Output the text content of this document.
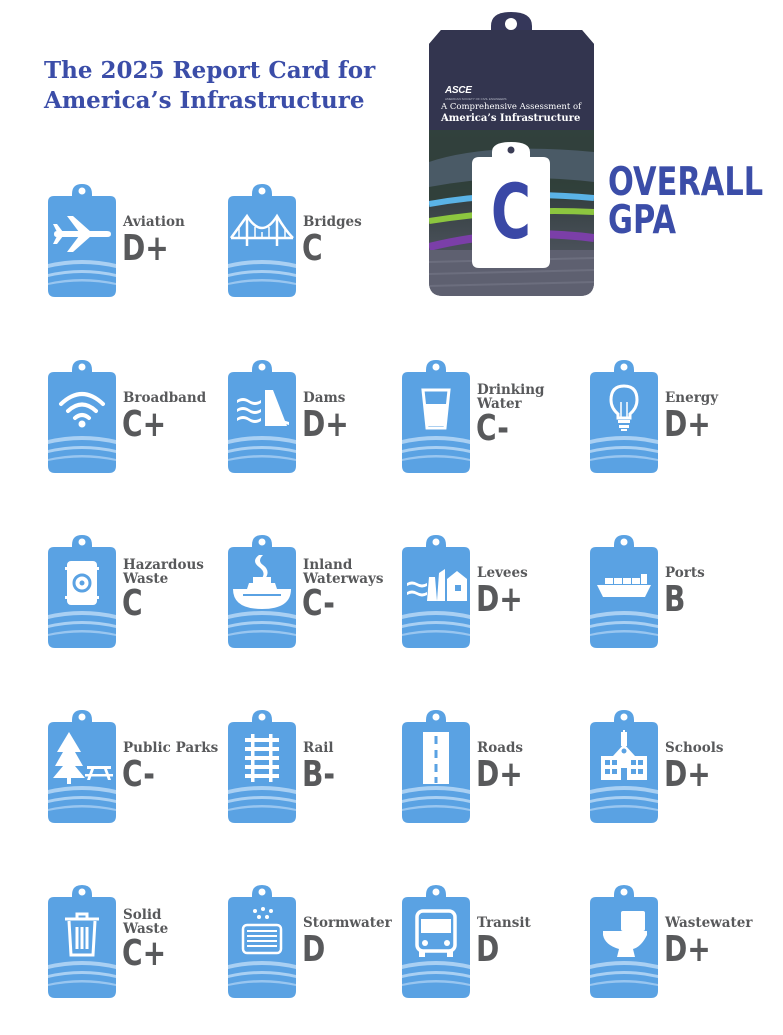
The 2025 Report Card for
America’s Infrastructure	ASCE
AMERICAN SOCIETY OF CIVIL ENGINEERS
A Comprehensive Assessment of
America’s Infrastructure
C OVERALL
GPA
Aviation
D+
Bridges
C
Broadband
C+
Dams
D+
Drinking
Water
C-
Energy
D+
Hazardous
Waste
C
Inland
Waterways
C-
Levees
D+
Ports
B
Public Parks
C-
Rail
B-
Roads
D+
Schools
D+
Solid
Waste
C+
Stormwater
D
Transit
D
Wastewater
D+
